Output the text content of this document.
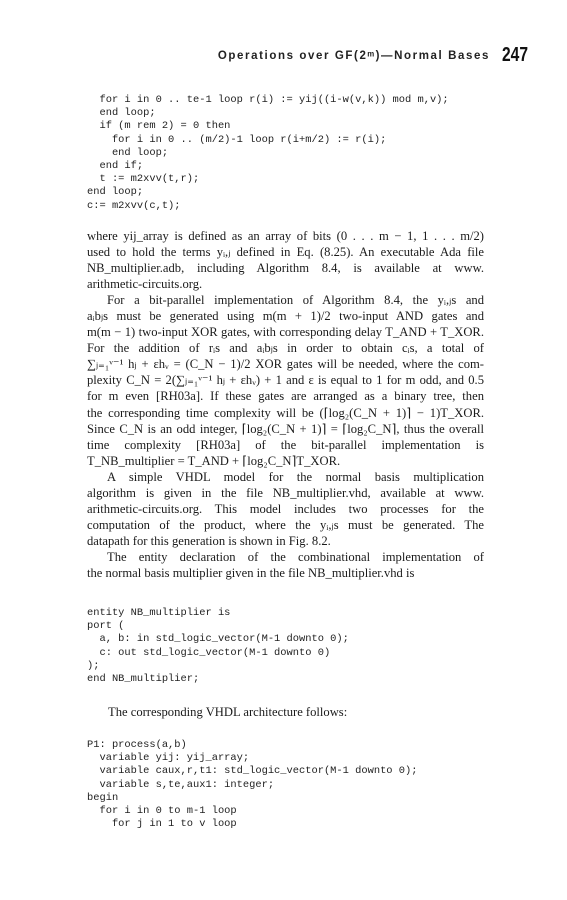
Operations over GF(2ᵐ)—Normal Bases 247
for i in 0 .. te-1 loop r(i) := yij((i-w(v,k)) mod m,v);
end loop;
if (m rem 2) = 0 then
for i in 0 .. (m/2)-1 loop r(i+m/2) := r(i);
end loop;
end if;
t := m2xvv(t,r);
end loop;
c:= m2xvv(c,t);

where yij_array is defined as an array of bits (0 . . . m − 1, 1 . . . m/2)
used to hold the terms yᵢ,ⱼ defined in Eq. (8.25). An executable Ada file
NB_multiplier.adb, including Algorithm 8.4, is available at www.
arithmetic-circuits.org.

For a bit-parallel implementation of Algorithm 8.4, the yᵢ,ⱼs and
aᵢbⱼs must be generated using m(m + 1)/2 two-input AND gates and
m(m − 1) two-input XOR gates, with corresponding delay T_AND + T_XOR.
For the addition of rᵢs and aᵢbⱼs in order to obtain cᵢs, a total of
∑ⱼ₌₁ᵛ⁻¹ hⱼ + εhᵥ = (C_N − 1)/2 XOR gates will be needed, where the com-
plexity C_N = 2(∑ⱼ₌₁ᵛ⁻¹ hⱼ + εhᵥ) + 1 and ε is equal to 1 for m odd, and 0.5
for m even [RH03a]. If these gates are arranged as a binary tree, then
the corresponding time complexity will be (⌈log₂(C_N + 1)⌉ − 1)T_XOR.
Since C_N is an odd integer, ⌈log₂(C_N + 1)⌉ = ⌈log₂C_N⌉, thus the overall
time complexity [RH03a] of the bit-parallel implementation is
T_NB_multiplier = T_AND + ⌈log₂C_N⌉T_XOR.

A simple VHDL model for the normal basis multiplication
algorithm is given in the file NB_multiplier.vhd, available at www.
arithmetic-circuits.org. This model includes two processes for the
computation of the product, where the yᵢ,ⱼs must be generated. The
datapath for this generation is shown in Fig. 8.2.

The entity declaration of the combinational implementation of
the normal basis multiplier given in the file NB_multiplier.vhd is

entity NB_multiplier is
port (
a, b: in std_logic_vector(M-1 downto 0);
c: out std_logic_vector(M-1 downto 0)
);
end NB_multiplier;
The corresponding VHDL architecture follows:
P1: process(a,b)
variable yij: yij_array;
variable caux,r,t1: std_logic_vector(M-1 downto 0);
variable s,te,aux1: integer;
begin
for i in 0 to m-1 loop
for j in 1 to v loop
